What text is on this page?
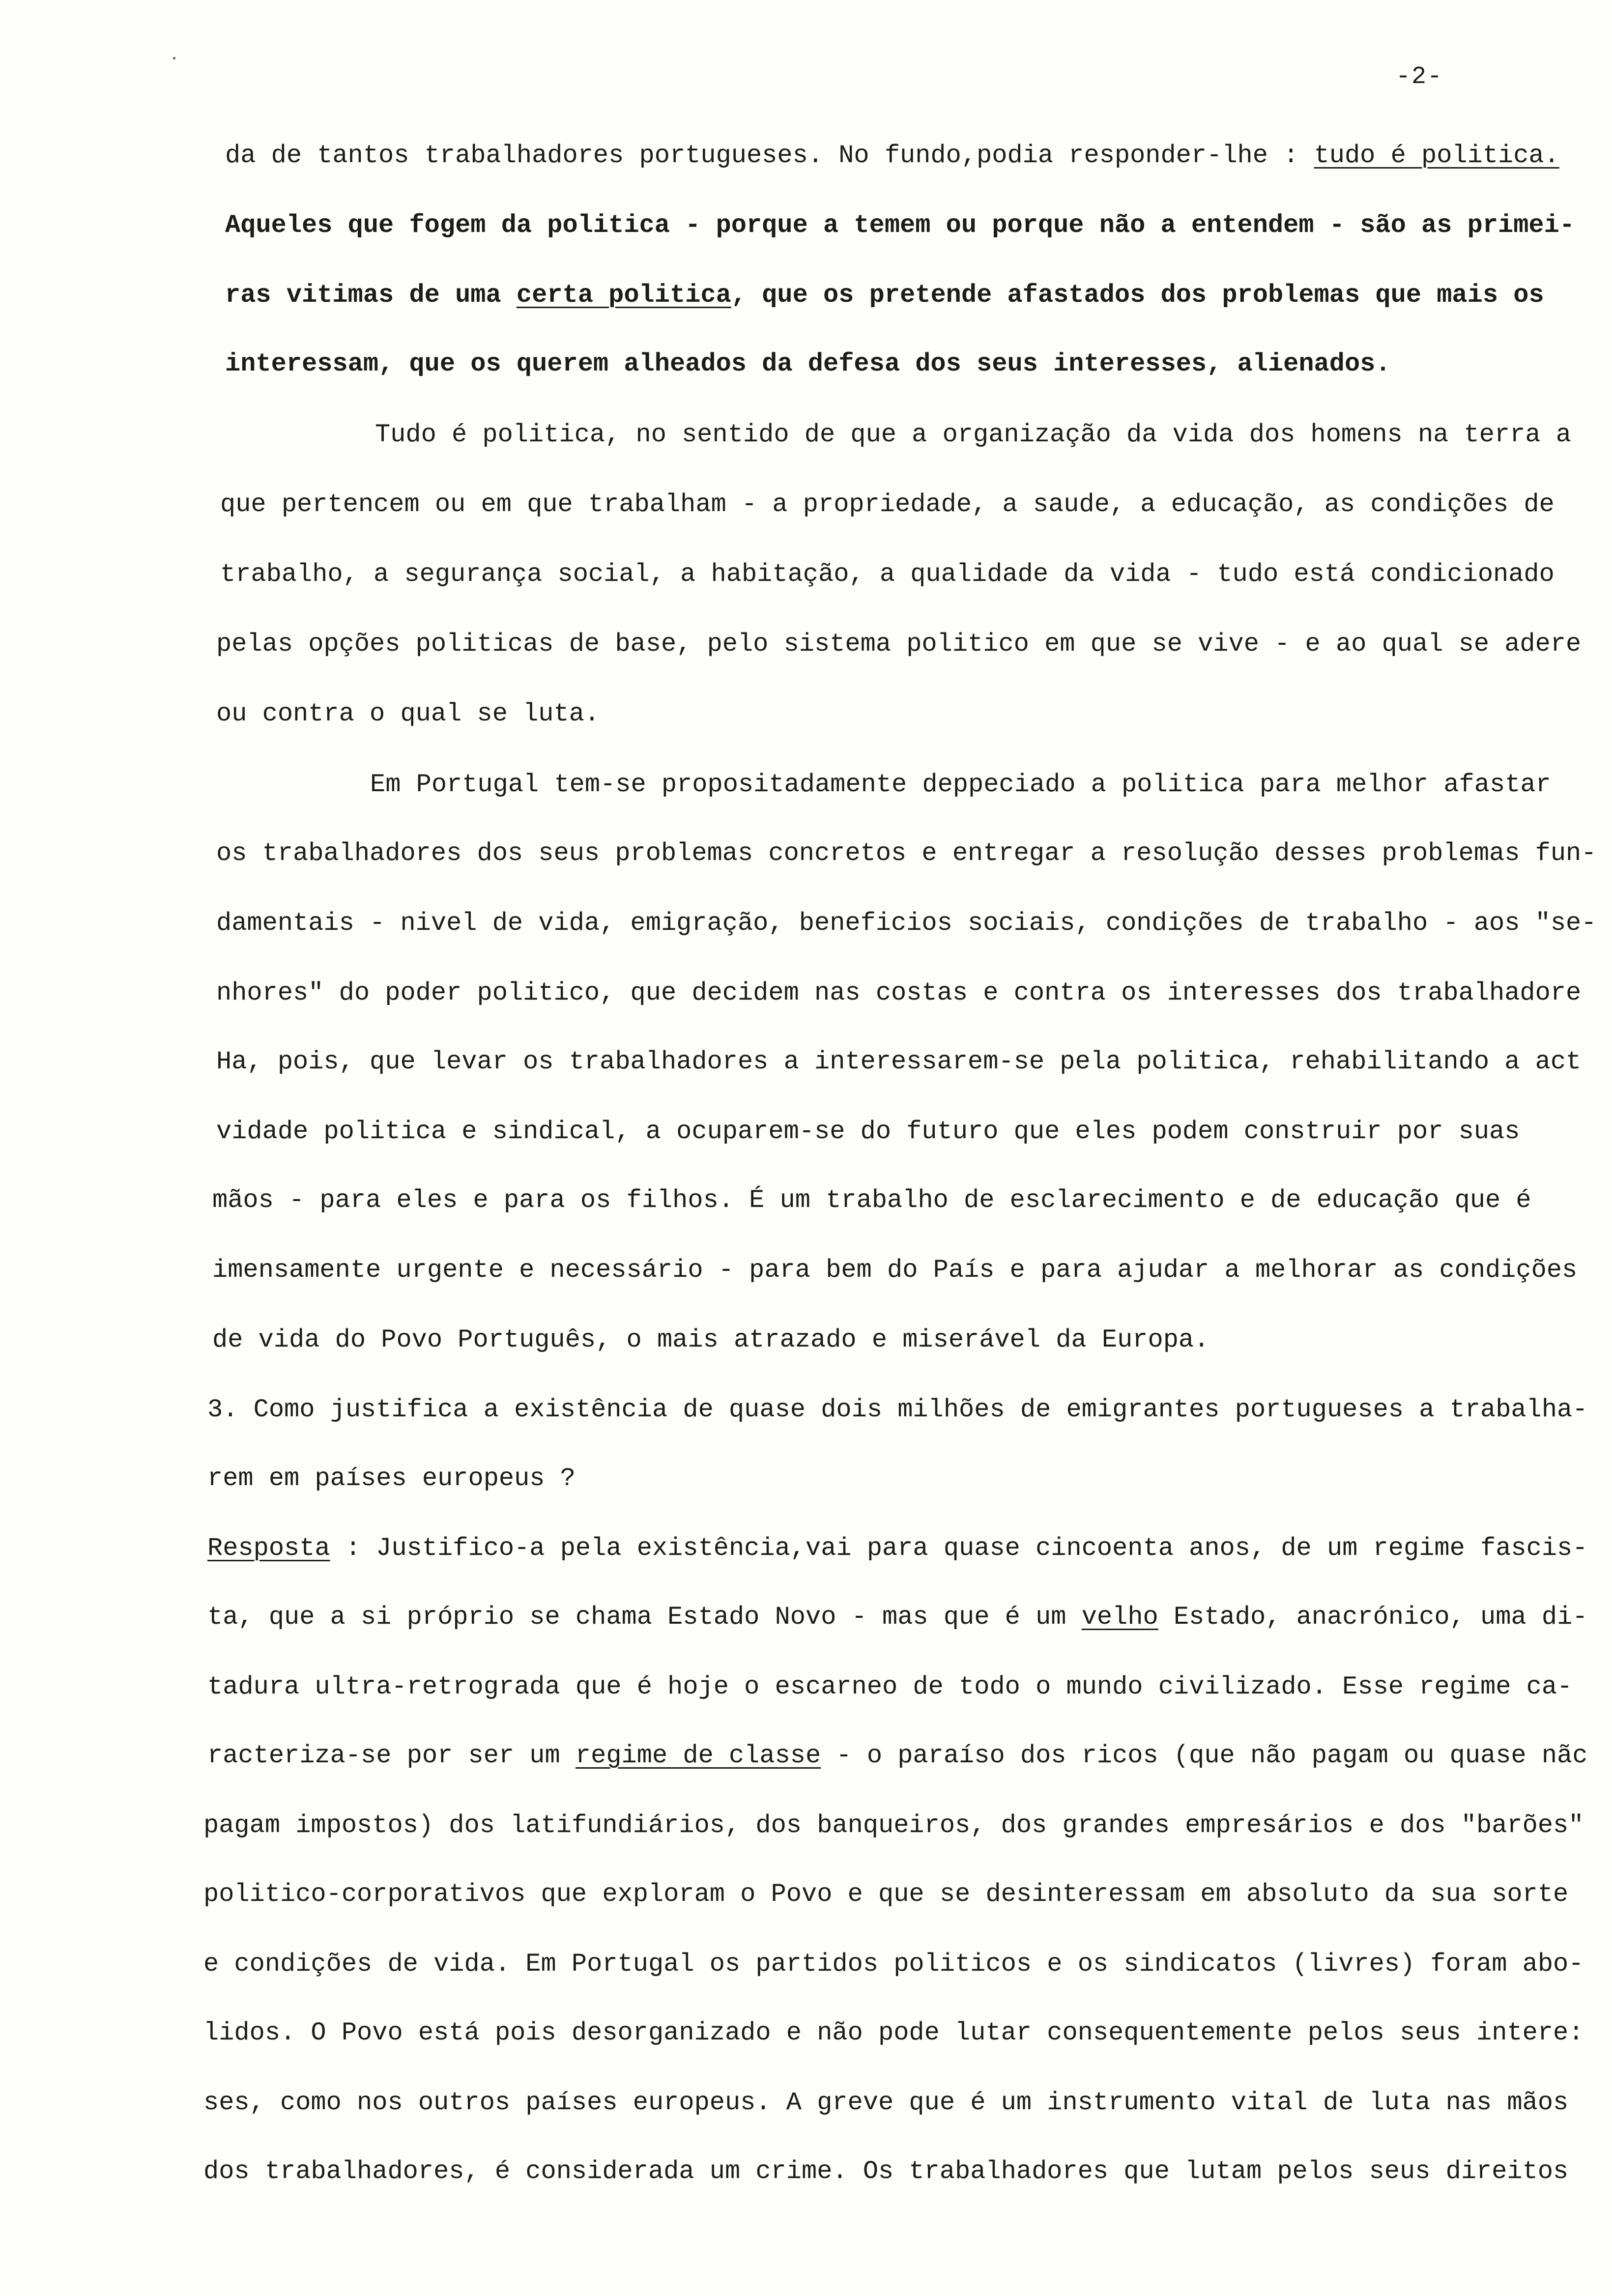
-2-
da de tantos trabalhadores portugueses. No fundo,podia responder-lhe : tudo é politica.
Aqueles que fogem da politica - porque a temem ou porque não a entendem - são as primei-
ras vitimas de uma certa politica, que os pretende afastados dos problemas que mais os
interessam, que os querem alheados da defesa dos seus interesses, alienados.
Tudo é politica, no sentido de que a organização da vida dos homens na terra a
que pertencem ou em que trabalham - a propriedade, a saude, a educação, as condições de
trabalho, a segurança social, a habitação, a qualidade da vida - tudo está condicionado
pelas opções politicas de base, pelo sistema politico em que se vive - e ao qual se adere
ou contra o qual se luta.
Em Portugal tem-se propositadamente deppeciado a politica para melhor afastar
os trabalhadores dos seus problemas concretos e entregar a resolução desses problemas fun-
damentais - nivel de vida, emigração, beneficios sociais, condições de trabalho - aos "se-
nhores" do poder politico, que decidem nas costas e contra os interesses dos trabalhadore
Ha, pois, que levar os trabalhadores a interessarem-se pela politica, rehabilitando a act
vidade politica e sindical, a ocuparem-se do futuro que eles podem construir por suas
mãos - para eles e para os filhos. É um trabalho de esclarecimento e de educação que é
imensamente urgente e necessário - para bem do País e para ajudar a melhorar as condições
de vida do Povo Português, o mais atrazado e miserável da Europa.
3. Como justifica a existência de quase dois milhões de emigrantes portugueses a trabalha-
rem em países europeus ?
Resposta : Justifico-a pela existência,vai para quase cincoenta anos, de um regime fascis-
ta, que a si próprio se chama Estado Novo - mas que é um velho Estado, anacrónico, uma di-
tadura ultra-retrograda que é hoje o escarneo de todo o mundo civilizado. Esse regime ca-
racteriza-se por ser um regime de classe - o paraíso dos ricos (que não pagam ou quase nãc
pagam impostos) dos latifundiários, dos banqueiros, dos grandes empresários e dos "barões"
politico-corporativos que exploram o Povo e que se desinteressam em absoluto da sua sorte
e condições de vida. Em Portugal os partidos politicos e os sindicatos (livres) foram abo-
lidos. O Povo está pois desorganizado e não pode lutar consequentemente pelos seus intere:
ses, como nos outros países europeus. A greve que é um instrumento vital de luta nas mãos
dos trabalhadores, é considerada um crime. Os trabalhadores que lutam pelos seus direitos
